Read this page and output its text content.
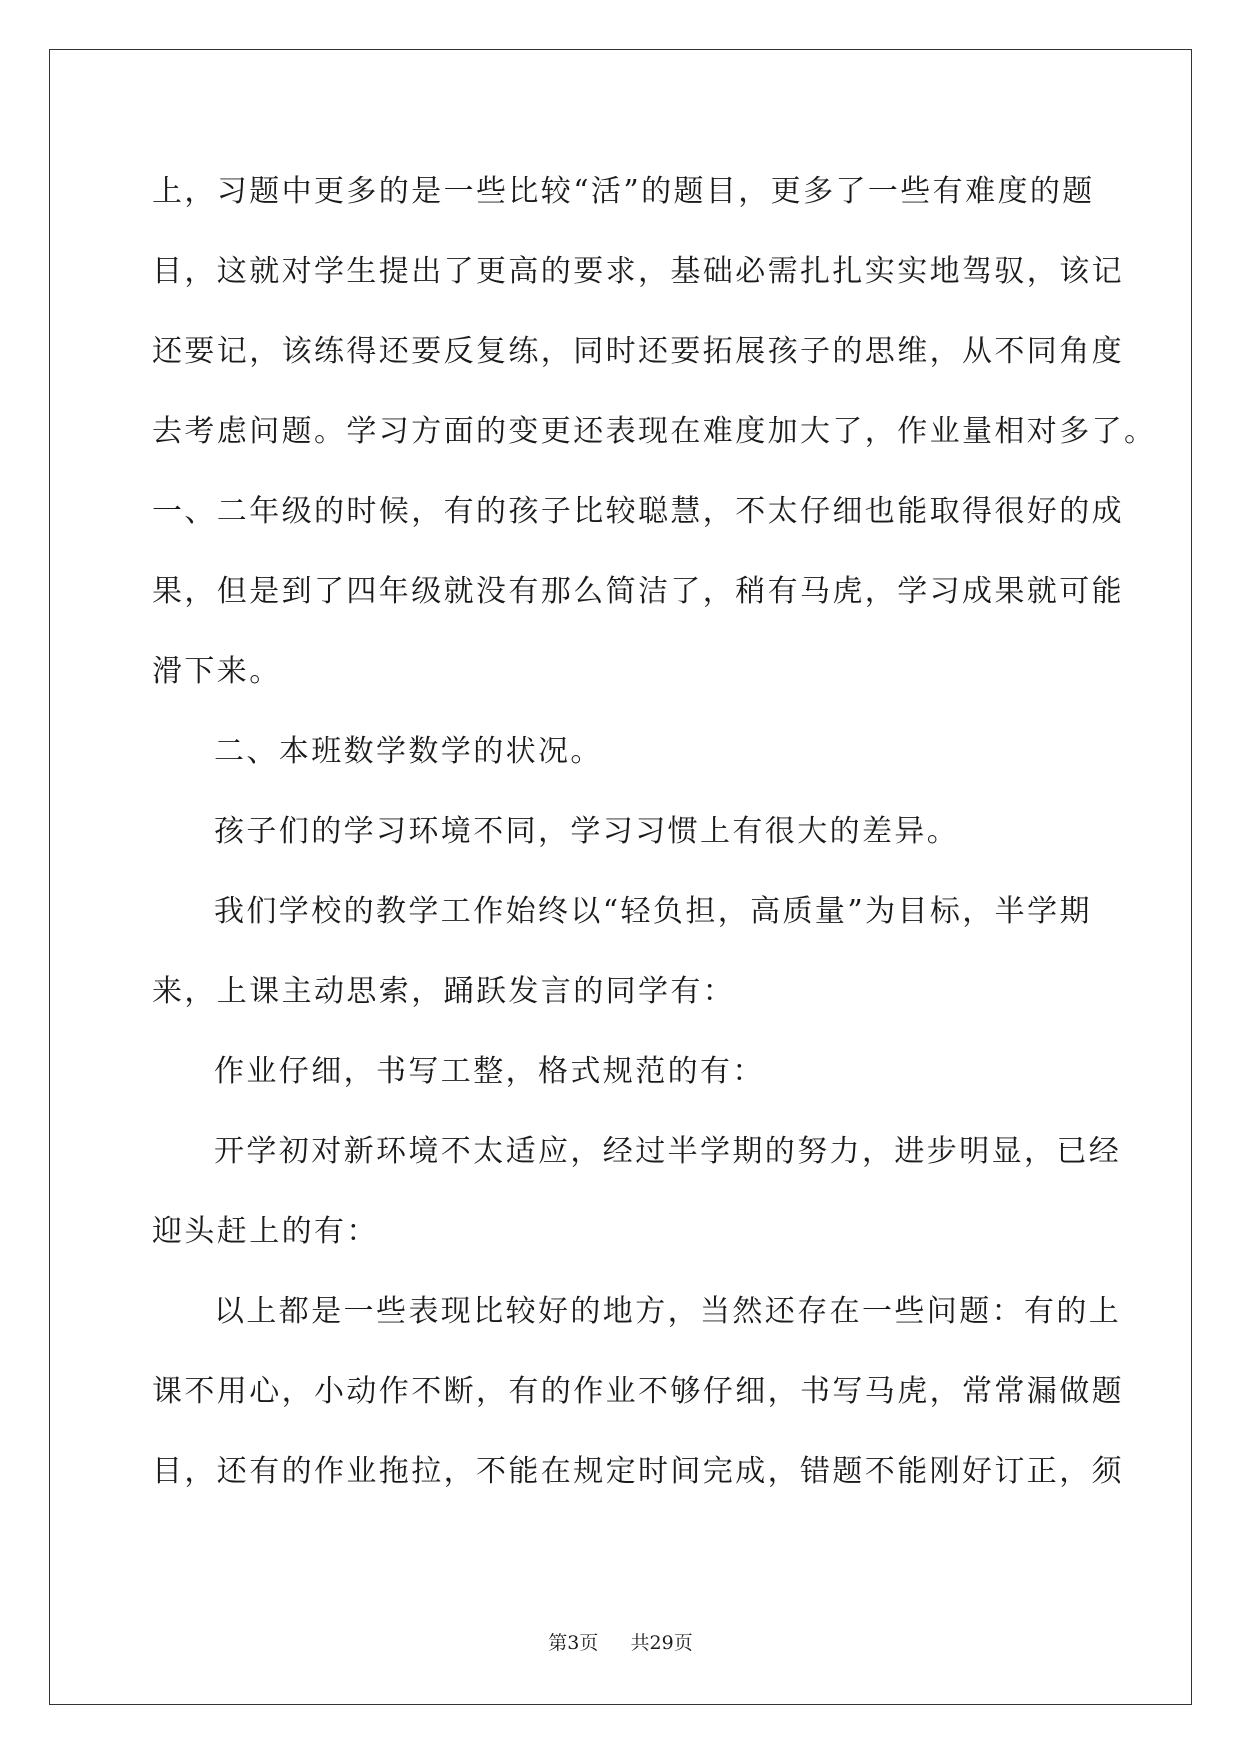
上，习题中更多的是一些比较“活”的题目，更多了一些有难度的题
目，这就对学生提出了更高的要求，基础必需扎扎实实地驾驭，该记
还要记，该练得还要反复练，同时还要拓展孩子的思维，从不同角度
去考虑问题。学习方面的变更还表现在难度加大了，作业量相对多了。
一、二年级的时候，有的孩子比较聪慧，不太仔细也能取得很好的成
果，但是到了四年级就没有那么简洁了，稍有马虎，学习成果就可能
滑下来。
二、本班数学数学的状况。
孩子们的学习环境不同，学习习惯上有很大的差异。
我们学校的教学工作始终以“轻负担，高质量”为目标，半学期
来，上课主动思索，踊跃发言的同学有：
作业仔细，书写工整，格式规范的有：
开学初对新环境不太适应，经过半学期的努力，进步明显，已经
迎头赶上的有：
以上都是一些表现比较好的地方，当然还存在一些问题：有的上
课不用心，小动作不断，有的作业不够仔细，书写马虎，常常漏做题
目，还有的作业拖拉，不能在规定时间完成，错题不能刚好订正，须
第3页 共29页
